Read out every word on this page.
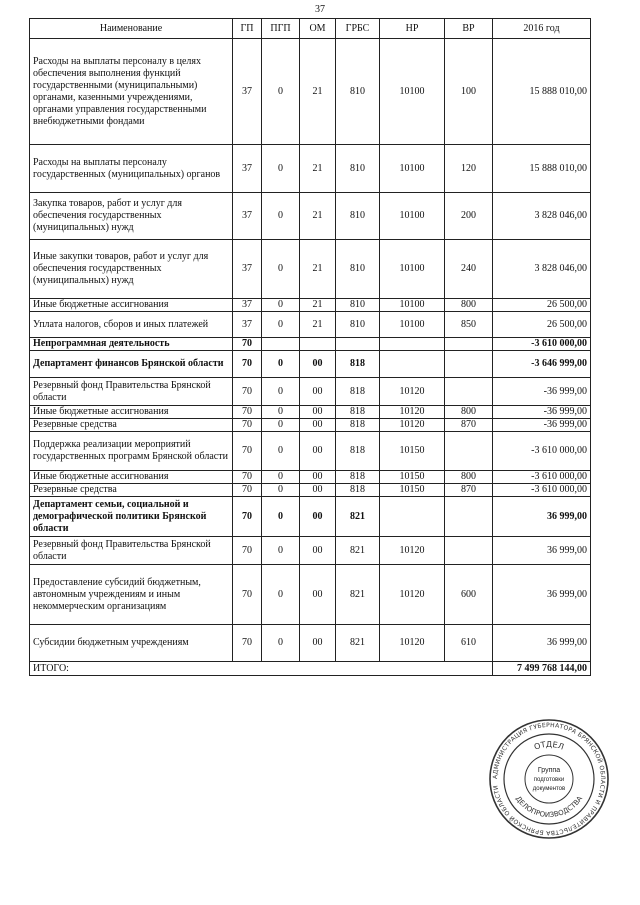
37
Наименование	ГП	ПГП	ОМ	ГРБС	НР	ВР	2016 год
Расходы на выплаты персоналу в целях обеспечения выполнения функций государственными (муниципальными) органами, казенными учреждениями, органами управления государственными внебюджетными фондами	37	0	21	810	10100	100	15 888 010,00
Расходы на выплаты персоналу государственных (муниципальных) органов	37	0	21	810	10100	120	15 888 010,00
Закупка товаров, работ и услуг для обеспечения государственных (муниципальных) нужд	37	0	21	810	10100	200	3 828 046,00
Иные закупки товаров, работ и услуг для обеспечения государственных (муниципальных) нужд	37	0	21	810	10100	240	3 828 046,00
Иные бюджетные ассигнования	37	0	21	810	10100	800	26 500,00
Уплата налогов, сборов и иных платежей	37	0	21	810	10100	850	26 500,00
Непрограммная деятельность	70						-3 610 000,00
Департамент финансов Брянской области	70	0	00	818			-3 646 999,00
Резервный фонд Правительства Брянской области	70	0	00	818	10120		-36 999,00
Иные бюджетные ассигнования	70	0	00	818	10120	800	-36 999,00
Резервные средства	70	0	00	818	10120	870	-36 999,00
Поддержка реализации мероприятий государственных программ Брянской области	70	0	00	818	10150		-3 610 000,00
Иные бюджетные ассигнования	70	0	00	818	10150	800	-3 610 000,00
Резервные средства	70	0	00	818	10150	870	-3 610 000,00
Департамент семьи, социальной и демографической политики Брянской области	70	0	00	821			36 999,00
Резервный фонд Правительства Брянской области	70	0	00	821	10120		36 999,00
Предоставление субсидий бюджетным, автономным учреждениям и иным некоммерческим организациям	70	0	00	821	10120	600	36 999,00
Субсидии бюджетным учреждениям	70	0	00	821	10120	610	36 999,00
ИТОГО:							7 499 768 144,00
АДМИНИСТРАЦИЯ ГУБЕРНАТОРА БРЯНСКОЙ ОБЛАСТИ И ПРАВИТЕЛЬСТВА БРЯНСКОЙ ОБЛАСТИ
ОТДЕЛ
ДЕЛОПРОИЗВОДСТВА
Группа
подготовки
документов
